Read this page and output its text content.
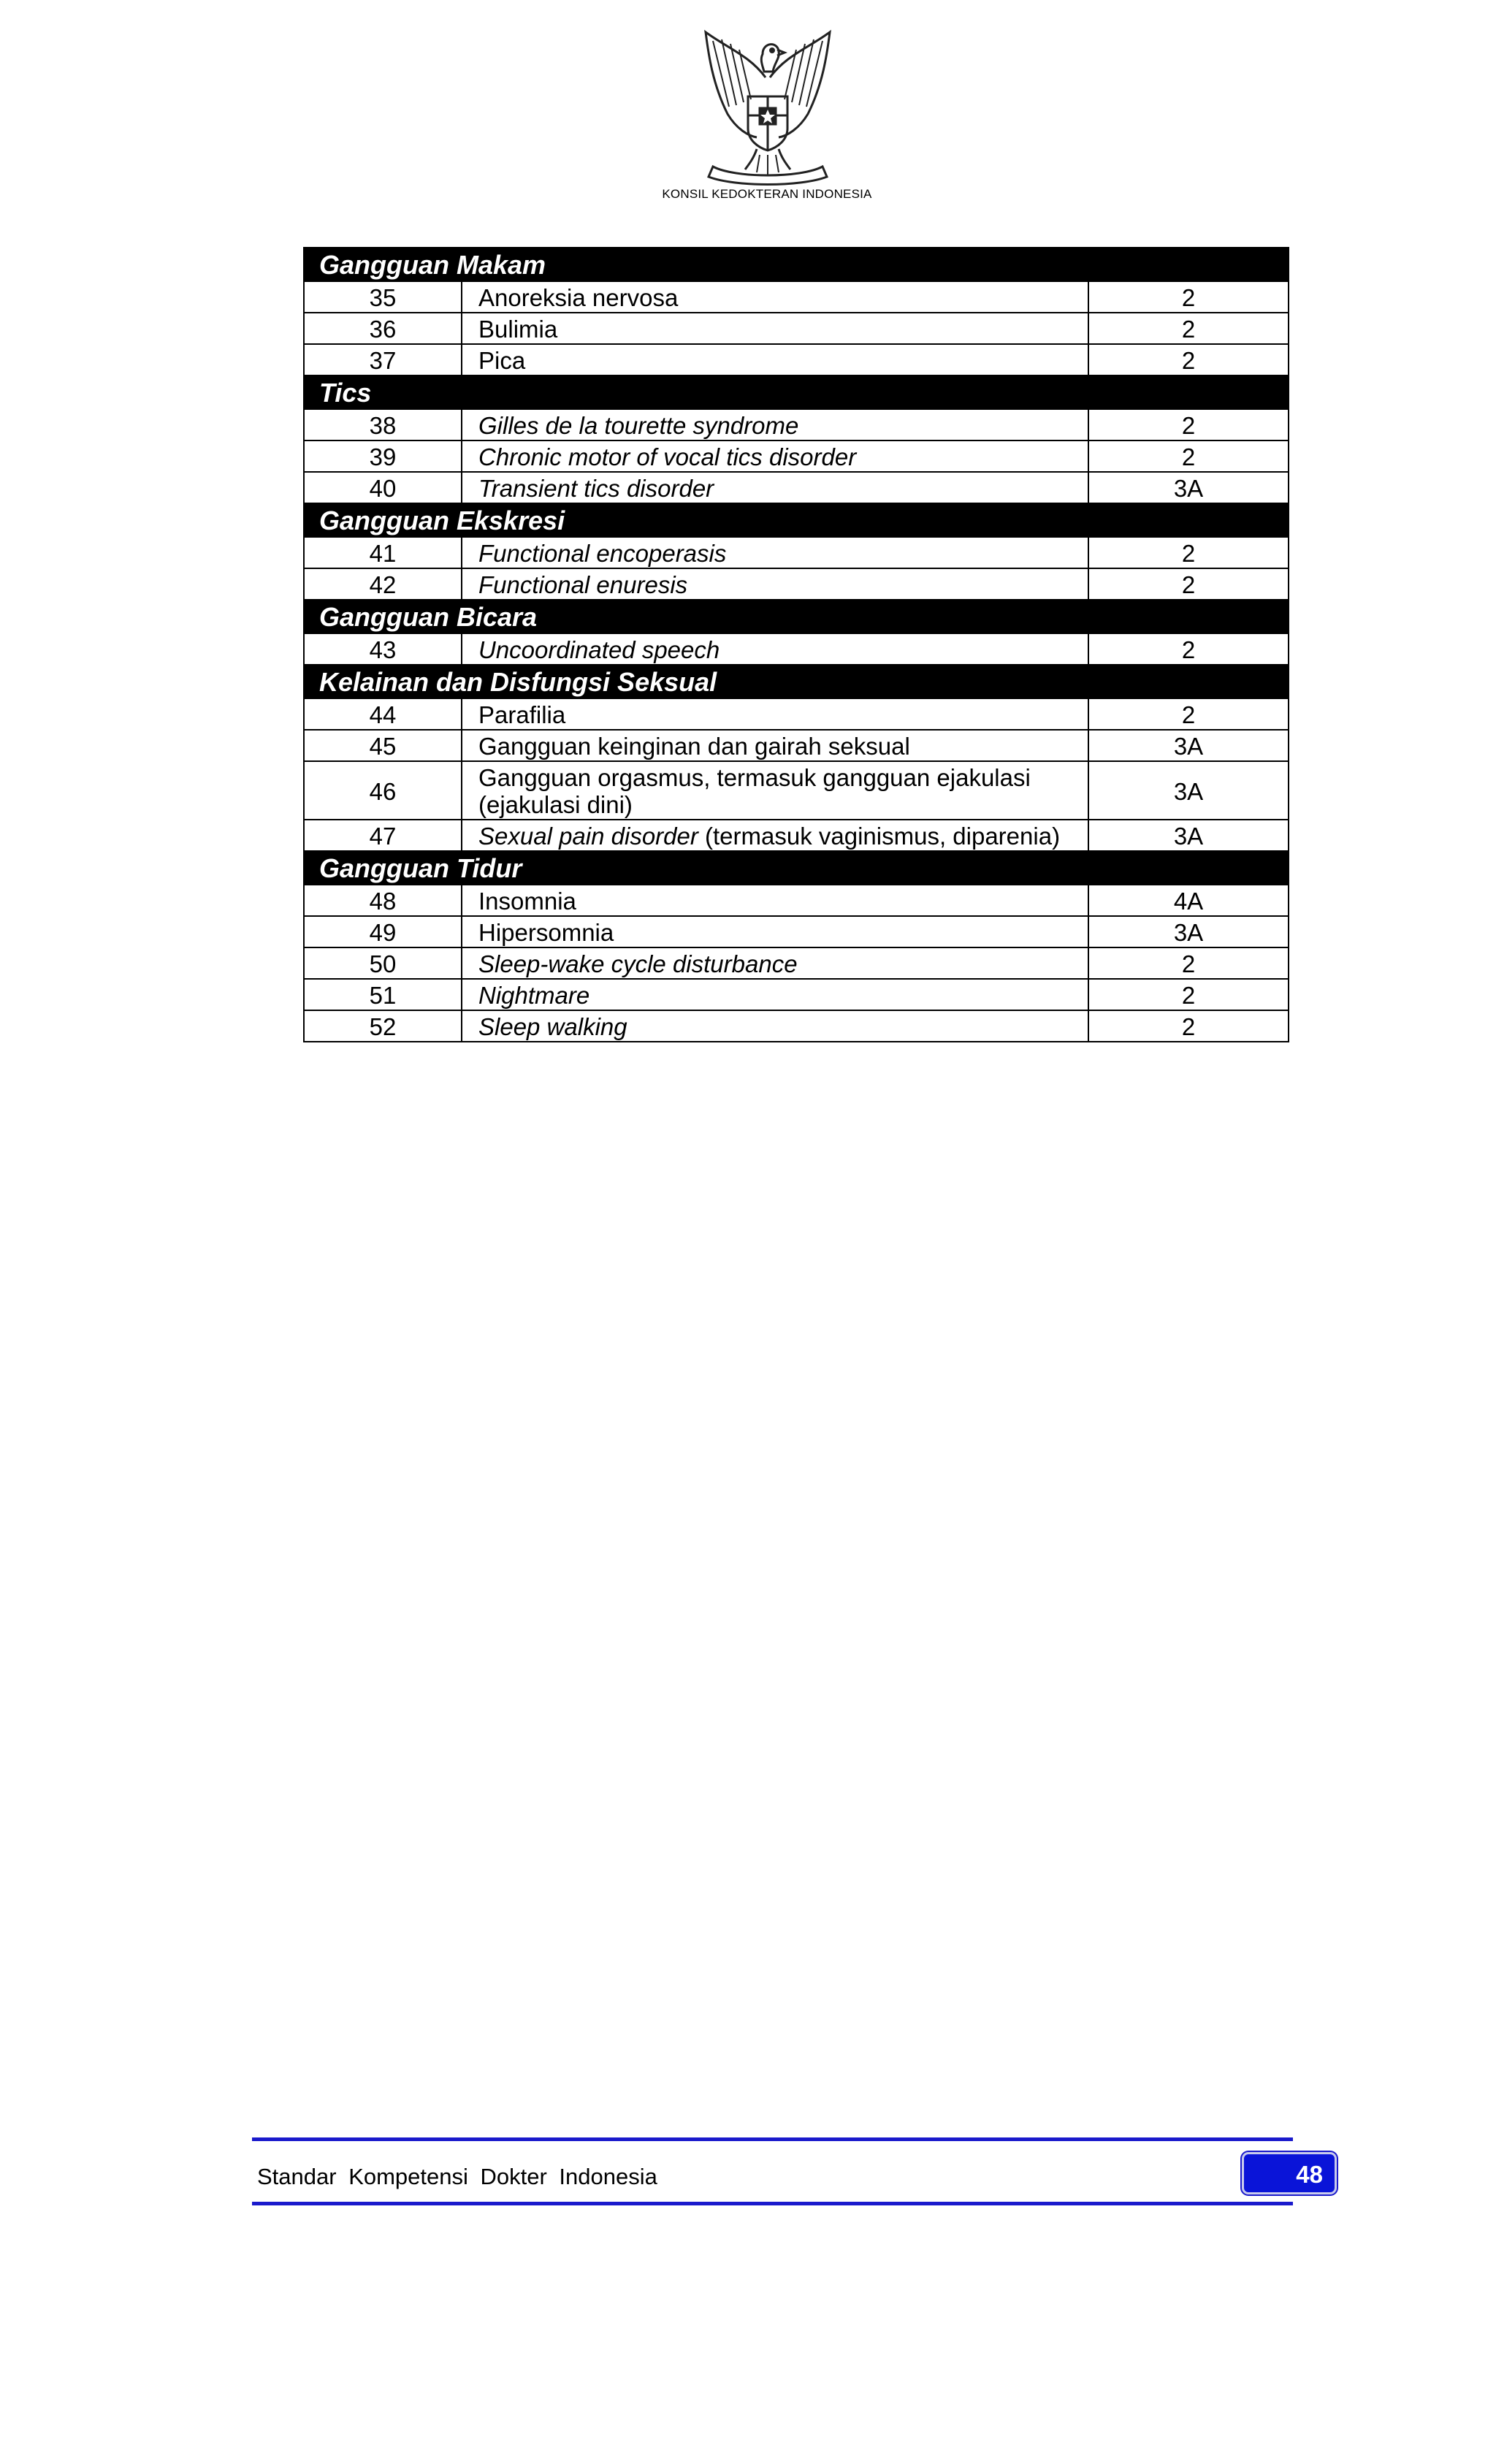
KONSIL KEDOKTERAN INDONESIA
Gangguan Makam		
35	Anoreksia nervosa	2
36	Bulimia	2
37	Pica	2
Tics		
38	Gilles de la tourette syndrome	2
39	Chronic motor of vocal tics disorder	2
40	Transient tics disorder	3A
Gangguan Ekskresi		
41	Functional encoperasis	2
42	Functional enuresis	2
Gangguan Bicara		
43	Uncoordinated speech	2
Kelainan dan Disfungsi Seksual		
44	Parafilia	2
45	Gangguan keinginan dan gairah seksual	3A
46	Gangguan orgasmus, termasuk gangguan ejakulasi (ejakulasi dini)	3A
47	Sexual pain disorder (termasuk vaginismus, diparenia)	3A
Gangguan Tidur		
48	Insomnia	4A
49	Hipersomnia	3A
50	Sleep-wake cycle disturbance	2
51	Nightmare	2
52	Sleep walking	2
Standar Kompetensi Dokter Indonesia	48
